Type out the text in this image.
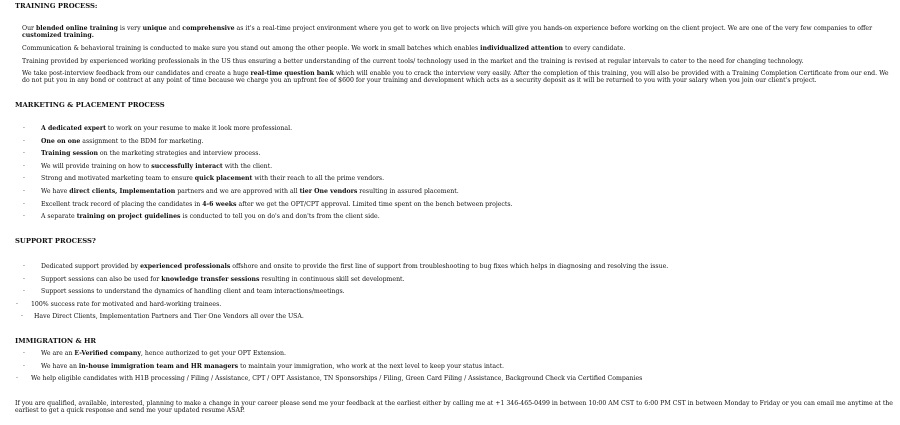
TRAINING PROCESS:
Our blended online training is very unique and comprehensive as it's a real-time project environment where you get to work on live projects which will give you hands-on experience before working on the client project. We are one of the very few companies to offer customized training.
Communication & behavioral training is conducted to make sure you stand out among the other people. We work in small batches which enables individualized attention to every candidate.
Training provided by experienced working professionals in the US thus ensuring a better understanding of the current tools/ technology used in the market and the training is revised at regular intervals to cater to the need for changing technology.
We take post-interview feedback from our candidates and create a huge real-time question bank which will enable you to crack the interview very easily. After the completion of this training, you will also be provided with a Training Completion Certificate from our end. We do not put you in any bond or contract at any point of time because we charge you an upfront fee of $600 for your training and development which acts as a security deposit as it will be returned to you with your salary when you join our client's project.
MARKETING & PLACEMENT PROCESS
SUPPORT PROCESS?
IMMIGRATION & HR
If you are qualified, available, interested, planning to make a change in your career please send me your feedback at the earliest either by calling me at +1 346-465-0499 in between 10:00 AM CST to 6:00 PM CST in between Monday to Friday or you can email me anytime at the earliest to get a quick response and send me your updated resume ASAP.
·	A dedicated expert to work on your resume to make it look more professional.
·	One on one assignment to the BDM for marketing.
·	Training session on the marketing strategies and interview process.
·	We will provide training on how to successfully interact with the client.
·	Strong and motivated marketing team to ensure quick placement with their reach to all the prime vendors.
·	We have direct clients, Implementation partners and we are approved with all tier One vendors resulting in assured placement.
·	Excellent track record of placing the candidates in 4-6 weeks after we get the OPT/CPT approval. Limited time spent on the bench between projects.
·	A separate training on project guidelines is conducted to tell you on do's and don'ts from the client side.
·	Dedicated support provided by experienced professionals offshore and onsite to provide the first line of support from troubleshooting to bug fixes which helps in diagnosing and resolving the issue.
·	Support sessions can also be used for knowledge transfer sessions resulting in continuous skill set development.
·	Support sessions to understand the dynamics of handling client and team interactions/meetings.
· 100% success rate for motivated and hard-working trainees.
· Have Direct Clients, Implementation Partners and Tier One Vendors all over the USA.
·	We are an E-Verified company, hence authorized to get your OPT Extension.
·	We have an in-house immigration team and HR managers to maintain your immigration, who work at the next level to keep your status intact.
· We help eligible candidates with H1B processing / Filing / Assistance, CPT / OPT Assistance, TN Sponsorships / Filing, Green Card Filing / Assistance, Background Check via Certified Companies
